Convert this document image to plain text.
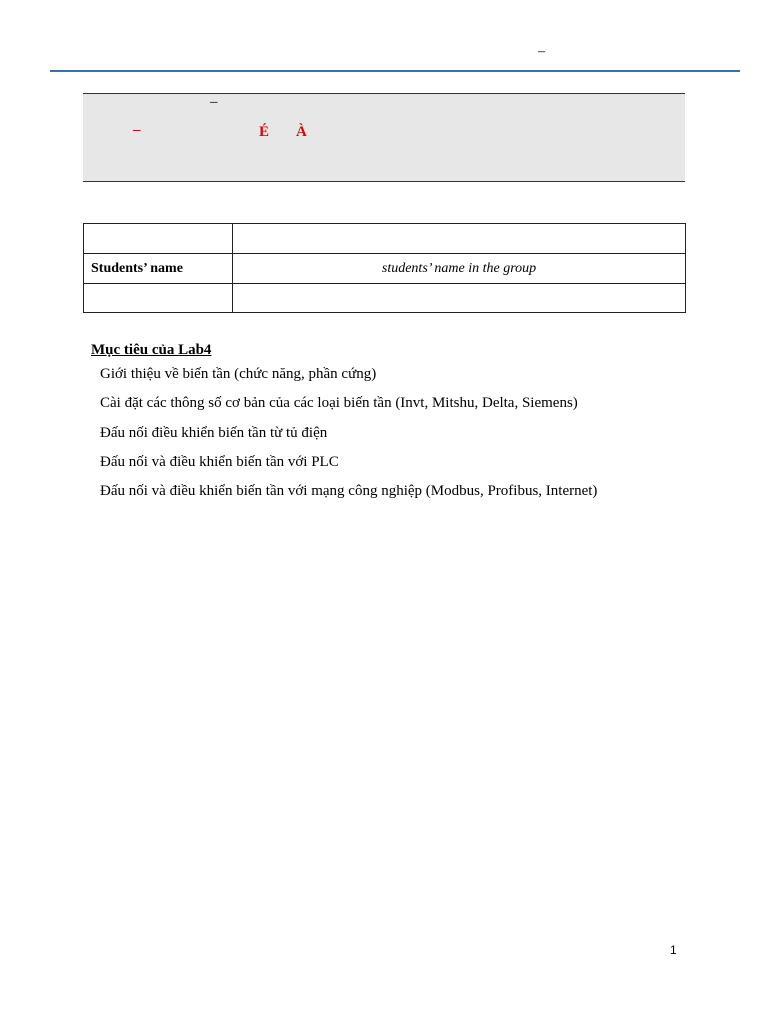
–
–
–	É À

Students’ name	students’ name in the group

Mục tiêu của Lab4
Giới thiệu về biến tần (chức năng, phần cứng)
Cài đặt các thông số cơ bản của các loại biến tần (Invt, Mitshu, Delta, Siemens)
Đấu nối điều khiển biến tần từ tủ điện
Đấu nối và điều khiển biến tần với PLC
Đấu nối và điều khiển biến tần với mạng công nghiệp (Modbus, Profibus, Internet)
1
